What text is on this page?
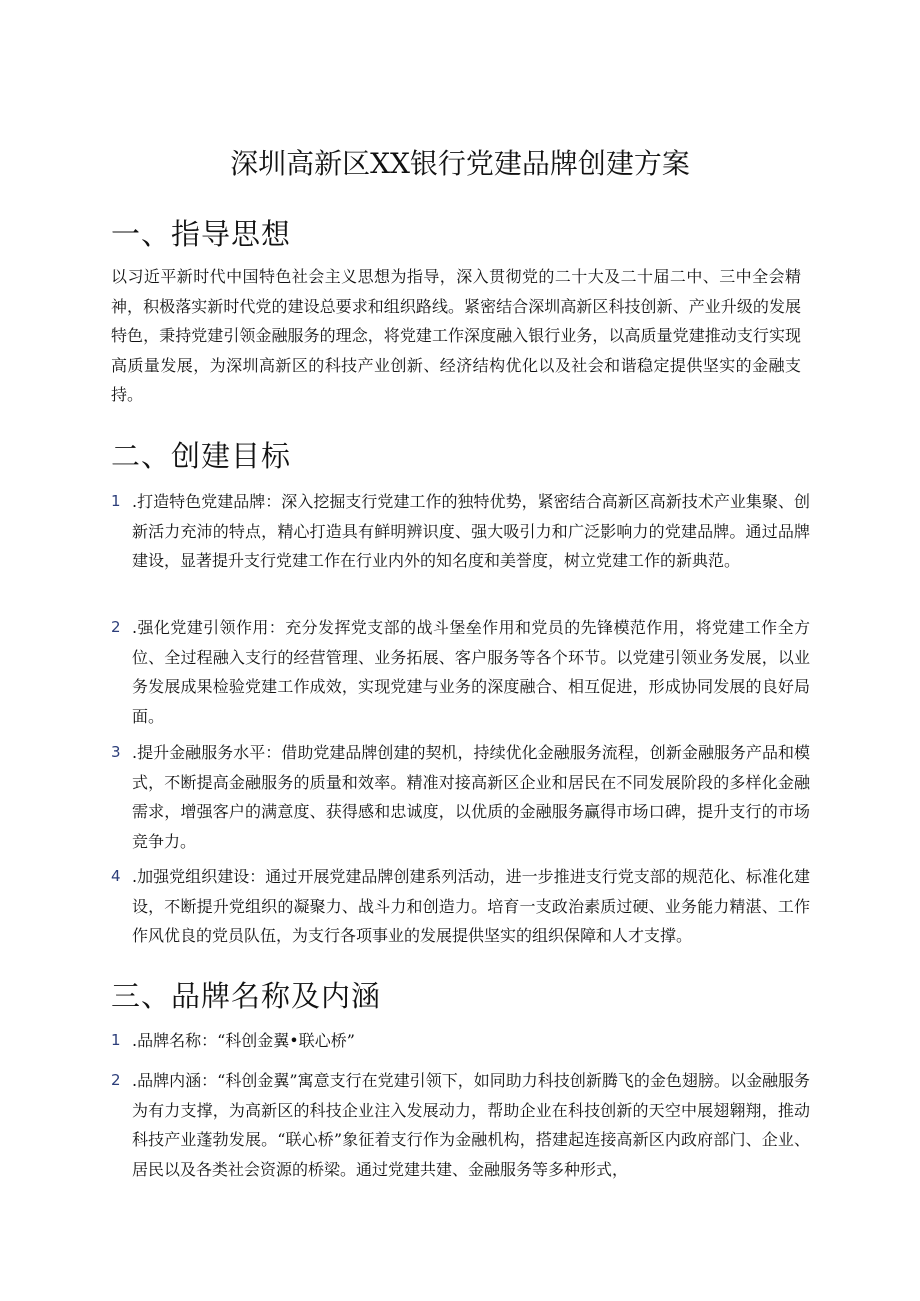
深圳高新区XX银行党建品牌创建方案
一、指导思想

以习近平新时代中国特色社会主义思想为指导，深入贯彻党的二十大及二十届二中、三中全会精神，积极落实新时代党的建设总要求和组织路线。紧密结合深圳高新区科技创新、产业升级的发展特色，秉持党建引领金融服务的理念，将党建工作深度融入银行业务，以高质量党建推动支行实现高质量发展，为深圳高新区的科技产业创新、经济结构优化以及社会和谐稳定提供坚实的金融支持。

二、创建目标
1 .打造特色党建品牌：深入挖掘支行党建工作的独特优势，紧密结合高新区高新技术产业集聚、创新活力充沛的特点，精心打造具有鲜明辨识度、强大吸引力和广泛影响力的党建品牌。通过品牌建设，显著提升支行党建工作在行业内外的知名度和美誉度，树立党建工作的新典范。

2 .强化党建引领作用：充分发挥党支部的战斗堡垒作用和党员的先锋模范作用，将党建工作全方位、全过程融入支行的经营管理、业务拓展、客户服务等各个环节。以党建引领业务发展，以业务发展成果检验党建工作成效，实现党建与业务的深度融合、相互促进，形成协同发展的良好局面。

3 .提升金融服务水平：借助党建品牌创建的契机，持续优化金融服务流程，创新金融服务产品和模式，不断提高金融服务的质量和效率。精准对接高新区企业和居民在不同发展阶段的多样化金融需求，增强客户的满意度、获得感和忠诚度，以优质的金融服务赢得市场口碑，提升支行的市场竞争力。

4 .加强党组织建设：通过开展党建品牌创建系列活动，进一步推进支行党支部的规范化、标准化建设，不断提升党组织的凝聚力、战斗力和创造力。培育一支政治素质过硬、业务能力精湛、工作作风优良的党员队伍，为支行各项事业的发展提供坚实的组织保障和人才支撑。

三、品牌名称及内涵
1 .品牌名称：“科创金翼•联心桥”

2 .品牌内涵：“科创金翼”寓意支行在党建引领下，如同助力科技创新腾飞的金色翅膀。以金融服务为有力支撑，为高新区的科技企业注入发展动力，帮助企业在科技创新的天空中展翅翱翔，推动科技产业蓬勃发展。“联心桥”象征着支行作为金融机构，搭建起连接高新区内政府部门、企业、居民以及各类社会资源的桥梁。通过党建共建、金融服务等多种形式，
